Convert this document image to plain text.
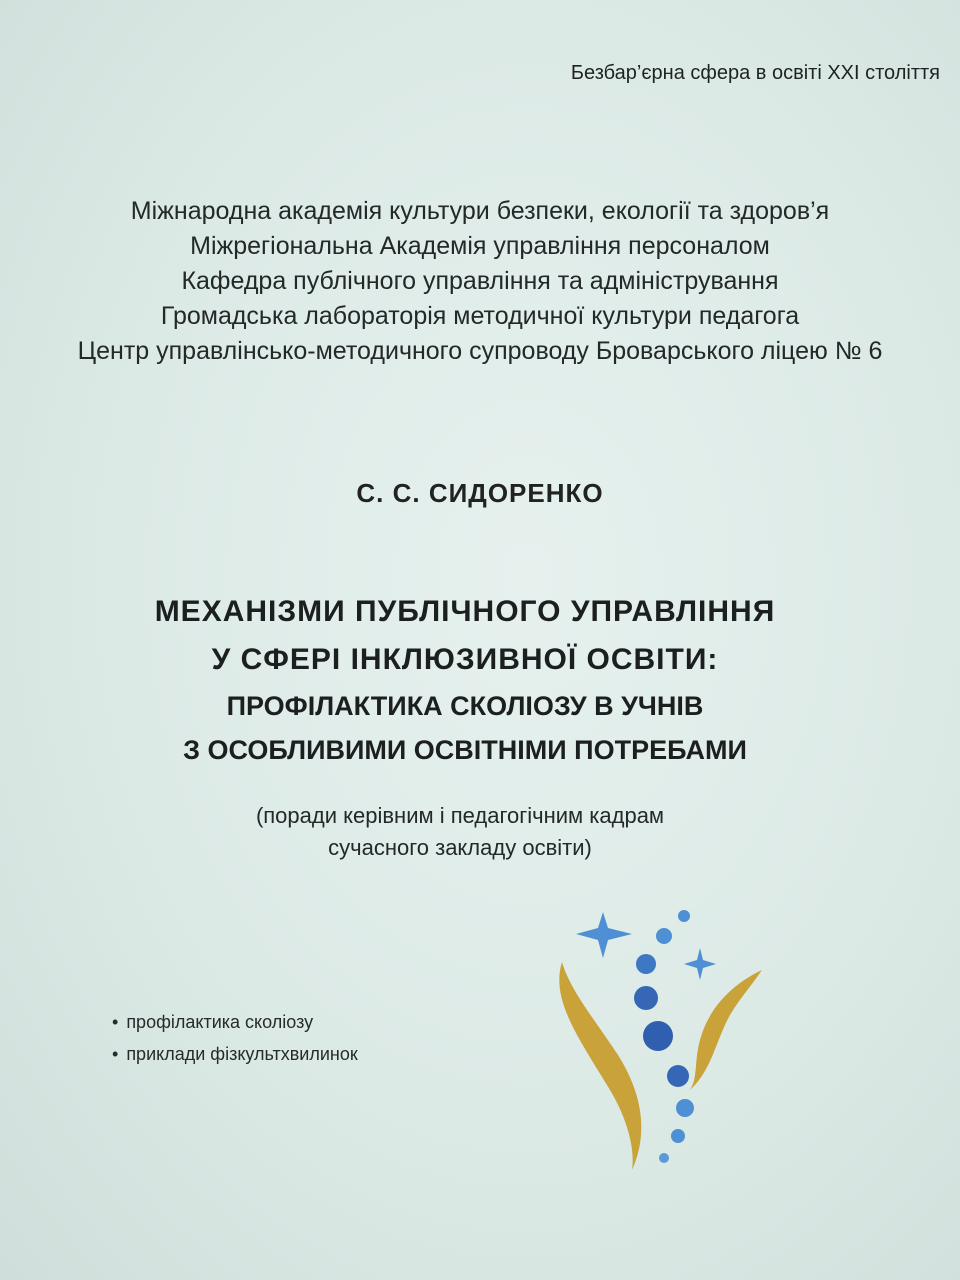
Безбар’єрна сфера в освіті XXI століття
Міжнародна академія культури безпеки, екології та здоров’я
Міжрегіональна Академія управління персоналом
Кафедра публічного управління та адміністрування
Громадська лабораторія методичної культури педагога
Центр управлінсько-методичного супроводу Броварського ліцею № 6
С. С. СИДОРЕНКО
МЕХАНІЗМИ ПУБЛІЧНОГО УПРАВЛІННЯ
У СФЕРІ ІНКЛЮЗИВНОЇ ОСВІТИ:
ПРОФІЛАКТИКА СКОЛІОЗУ В УЧНІВ
З ОСОБЛИВИМИ ОСВІТНІМИ ПОТРЕБАМИ
(поради керівним і педагогічним кадрам
сучасного закладу освіти)
• профілактика сколіозу
• приклади фізкультхвилинок
